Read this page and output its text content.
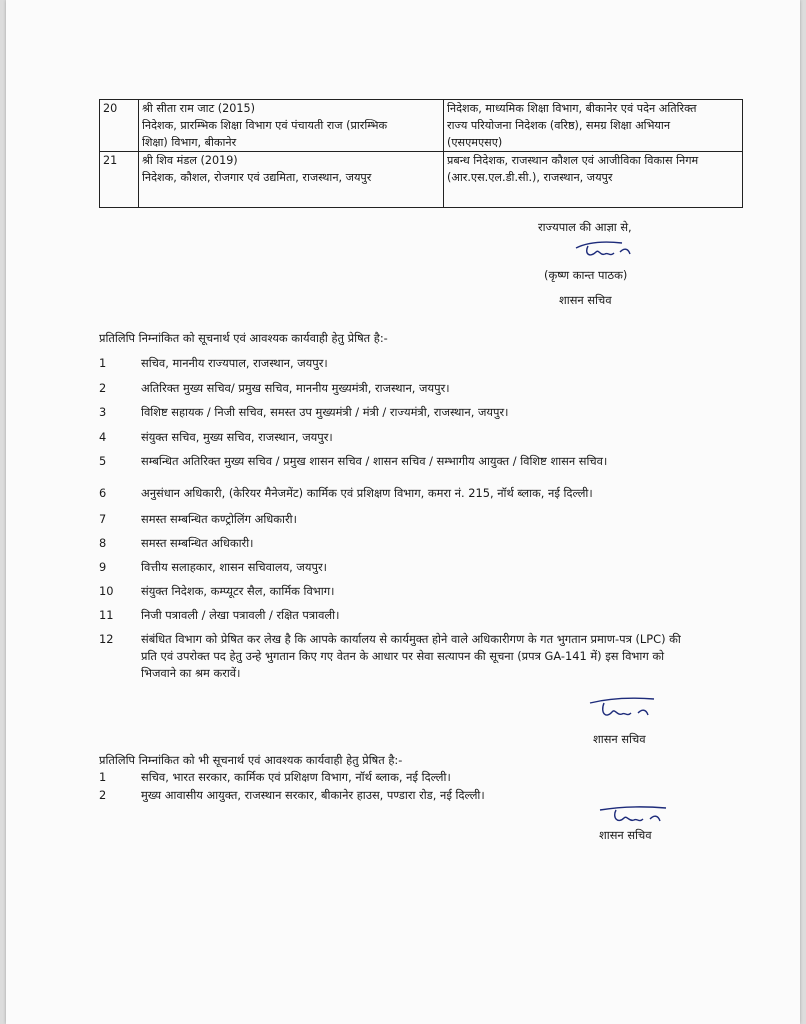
20	श्री सीता राम जाट (2015)
निदेशक, प्रारम्भिक शिक्षा विभाग एवं पंचायती राज (प्रारम्भिक
शिक्षा) विभाग, बीकानेर	निदेशक, माध्यमिक शिक्षा विभाग, बीकानेर एवं पदेन अतिरिक्त
राज्य परियोजना निदेशक (वरिष्ठ), समग्र शिक्षा अभियान
(एसएमएसए)

21	श्री शिव मंडल (2019)
निदेशक, कौशल, रोजगार एवं उद्यमिता, राजस्थान, जयपुर	प्रबन्ध निदेशक, राजस्थान कौशल एवं आजीविका विकास निगम
(आर.एस.एल.डी.सी.), राजस्थान, जयपुर
राज्यपाल की आज्ञा से,
(कृष्ण कान्त पाठक)
शासन सचिव
प्रतिलिपि निम्नांकित को सूचनार्थ एवं आवश्यक कार्यवाही हेतु प्रेषित है:-
1	सचिव, माननीय राज्यपाल, राजस्थान, जयपुर।
2	अतिरिक्त मुख्य सचिव/ प्रमुख सचिव, माननीय मुख्यमंत्री, राजस्थान, जयपुर।
3	विशिष्ट सहायक / निजी सचिव, समस्त उप मुख्यमंत्री / मंत्री / राज्यमंत्री, राजस्थान, जयपुर।
4	संयुक्त सचिव, मुख्य सचिव, राजस्थान, जयपुर।
5	सम्बन्धित अतिरिक्त मुख्य सचिव / प्रमुख शासन सचिव / शासन सचिव / सम्भागीय आयुक्त / विशिष्ट शासन सचिव।
6	अनुसंधान अधिकारी, (केरियर मैनेजमेंट) कार्मिक एवं प्रशिक्षण विभाग, कमरा नं. 215, नॉर्थ ब्लाक, नई दिल्ली।
7	समस्त सम्बन्धित कण्ट्रोलिंग अधिकारी।
8	समस्त सम्बन्धित अधिकारी।
9	वित्तीय सलाहकार, शासन सचिवालय, जयपुर।
10 संयुक्त निदेशक, कम्प्यूटर सैल, कार्मिक विभाग।
11 निजी पत्रावली / लेखा पत्रावली / रक्षित पत्रावली।
12 संबंधित विभाग को प्रेषित कर लेख है कि आपके कार्यालय से कार्यमुक्त होने वाले अधिकारीगण के गत भुगतान प्रमाण-पत्र (LPC) की
प्रति एवं उपरोक्त पद हेतु उन्हे भुगतान किए गए वेतन के आधार पर सेवा सत्यापन की सूचना (प्रपत्र GA-141 में) इस विभाग को
भिजवाने का श्रम करावें।
शासन सचिव
प्रतिलिपि निम्नांकित को भी सूचनार्थ एवं आवश्यक कार्यवाही हेतु प्रेषित है:-
1	सचिव, भारत सरकार, कार्मिक एवं प्रशिक्षण विभाग, नॉर्थ ब्लाक, नई दिल्ली।
2	मुख्य आवासीय आयुक्त, राजस्थान सरकार, बीकानेर हाउस, पण्डारा रोड, नई दिल्ली।
शासन सचिव
